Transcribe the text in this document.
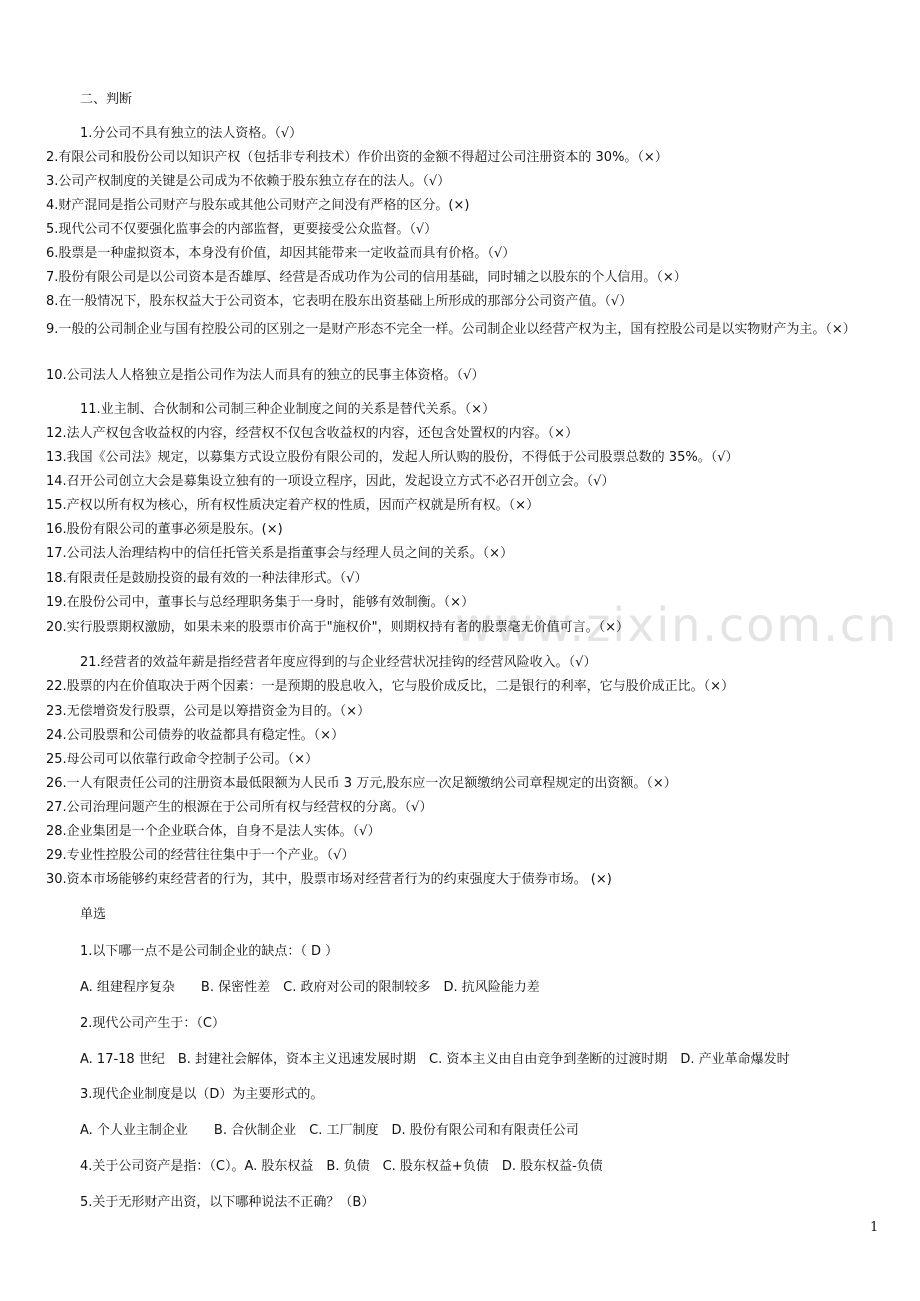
www.zixin.com.cn
二、判断
1.分公司不具有独立的法人资格。（√）
2.有限公司和股份公司以知识产权（包括非专利技术）作价出资的金额不得超过公司注册资本的 30%。（×）
3.公司产权制度的关键是公司成为不依赖于股东独立存在的法人。（√）
4.财产混同是指公司财产与股东或其他公司财产之间没有严格的区分。(×)
5.现代公司不仅要强化监事会的内部监督，更要接受公众监督。（√）
6.股票是一种虚拟资本，本身没有价值，却因其能带来一定收益而具有价格。（√）
7.股份有限公司是以公司资本是否雄厚、经营是否成功作为公司的信用基础，同时辅之以股东的个人信用。（×）
8.在一般情况下，股东权益大于公司资本，它表明在股东出资基础上所形成的那部分公司资产值。（√）
9.一般的公司制企业与国有控股公司的区别之一是财产形态不完全一样。公司制企业以经营产权为主，国有控股公司是以实物财产为主。（×）
10.公司法人人格独立是指公司作为法人而具有的独立的民事主体资格。（√）
11.业主制、合伙制和公司制三种企业制度之间的关系是替代关系。（×）
12.法人产权包含收益权的内容，经营权不仅包含收益权的内容，还包含处置权的内容。（×）
13.我国《公司法》规定，以募集方式设立股份有限公司的，发起人所认购的股份，不得低于公司股票总数的 35%。（√）
14.召开公司创立大会是募集设立独有的一项设立程序，因此，发起设立方式不必召开创立会。（√）
15.产权以所有权为核心，所有权性质决定着产权的性质，因而产权就是所有权。（×）
16.股份有限公司的董事必须是股东。(×)
17.公司法人治理结构中的信任托管关系是指董事会与经理人员之间的关系。（×）
18.有限责任是鼓励投资的最有效的一种法律形式。（√）
19.在股份公司中，董事长与总经理职务集于一身时，能够有效制衡。（×）
20.实行股票期权激励，如果未来的股票市价高于"施权价"，则期权持有者的股票毫无价值可言。（×）
21.经营者的效益年薪是指经营者年度应得到的与企业经营状况挂钩的经营风险收入。（√）
22.股票的内在价值取决于两个因素：一是预期的股息收入，它与股价成反比，二是银行的利率，它与股价成正比。（×）
23.无偿增资发行股票，公司是以筹措资金为目的。（×）
24.公司股票和公司债券的收益都具有稳定性。（×）
25.母公司可以依靠行政命令控制子公司。（×）
26.一人有限责任公司的注册资本最低限额为人民币 3 万元,股东应一次足额缴纳公司章程规定的出资额。（×）
27.公司治理问题产生的根源在于公司所有权与经营权的分离。（√）
28.企业集团是一个企业联合体，自身不是法人实体。（√）
29.专业性控股公司的经营往往集中于一个产业。（√）
30.资本市场能够约束经营者的行为，其中，股票市场对经营者行为的约束强度大于债券市场。 (×)
单选
1.以下哪一点不是公司制企业的缺点：（ D ）
A. 组建程序复杂　　B. 保密性差　C. 政府对公司的限制较多　D. 抗风险能力差
2.现代公司产生于：（C）
A. 17-18 世纪　B. 封建社会解体，资本主义迅速发展时期　C. 资本主义由自由竞争到垄断的过渡时期　D. 产业革命爆发时
3.现代企业制度是以（D）为主要形式的。
A. 个人业主制企业　　B. 合伙制企业　C. 工厂制度　D. 股份有限公司和有限责任公司
4.关于公司资产是指：（C）。A. 股东权益　B. 负债　C. 股东权益+负债　D. 股东权益-负债
5.关于无形财产出资，以下哪种说法不正确？（B）
1
